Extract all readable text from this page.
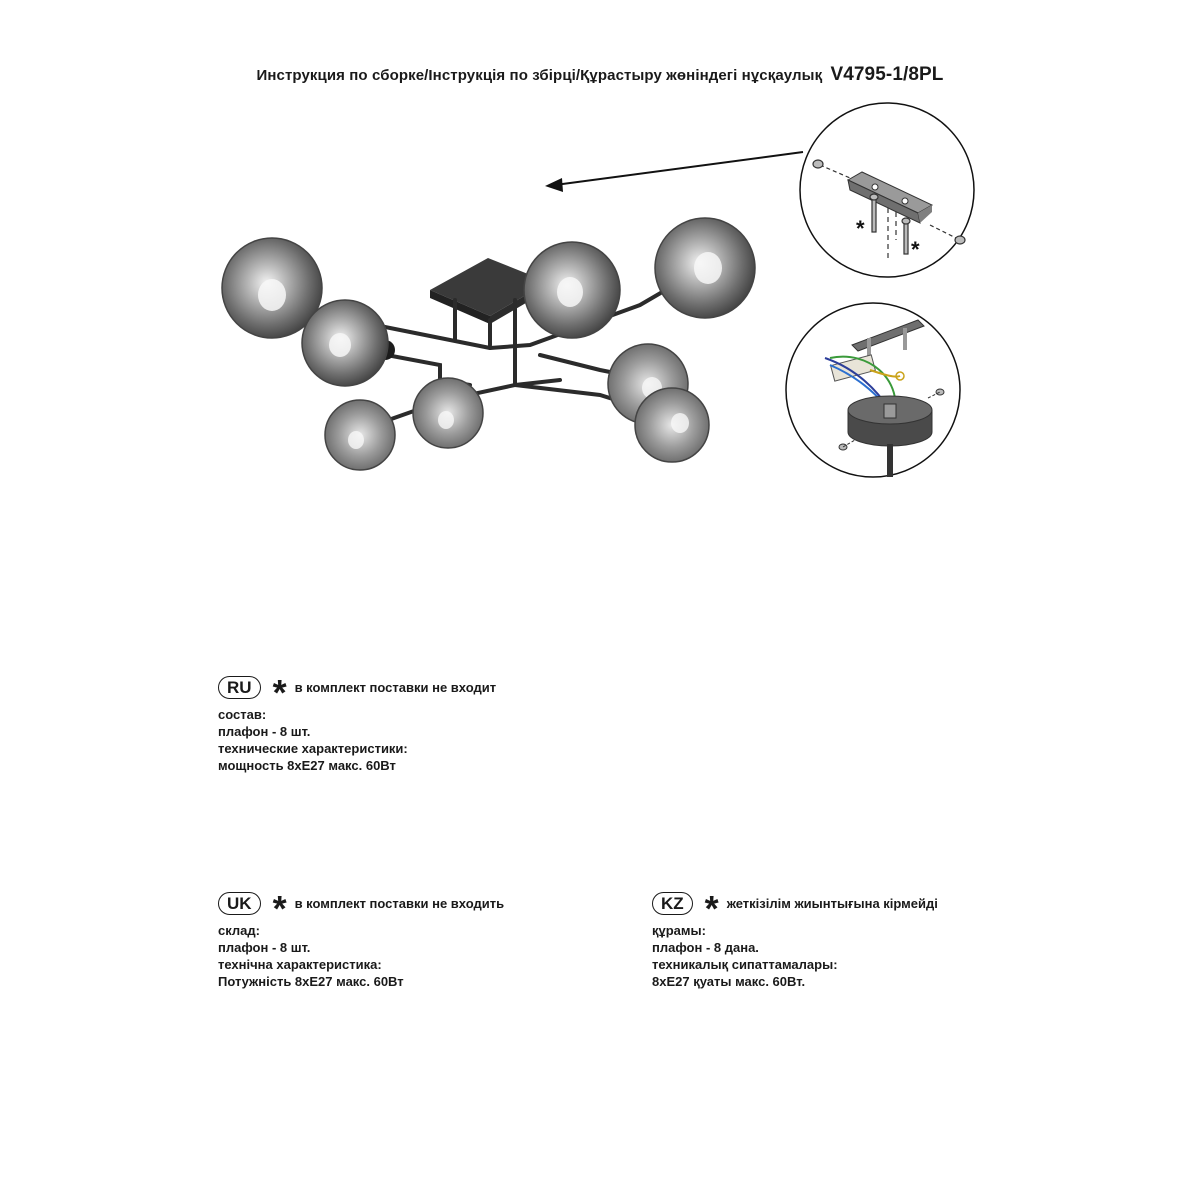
Инструкция по сборке/Інструкція по збірці/Құрастыру жөніндегі нұсқаулық V4795-1/8PL
*
*
RU * в комплект поставки не входит
состав:
плафон - 8 шт.
технические характеристики:
мощность 8xE27 макс. 60Вт
UK * в комплект поставки не входить
склад:
плафон - 8 шт.
технічна характеристика:
Потужність 8xE27 макс. 60Вт
KZ * жеткізілім жиынтығына кірмейді
құрамы:
плафон - 8 дана.
техникалық сипаттамалары:
8xE27 қуаты макс. 60Вт.
